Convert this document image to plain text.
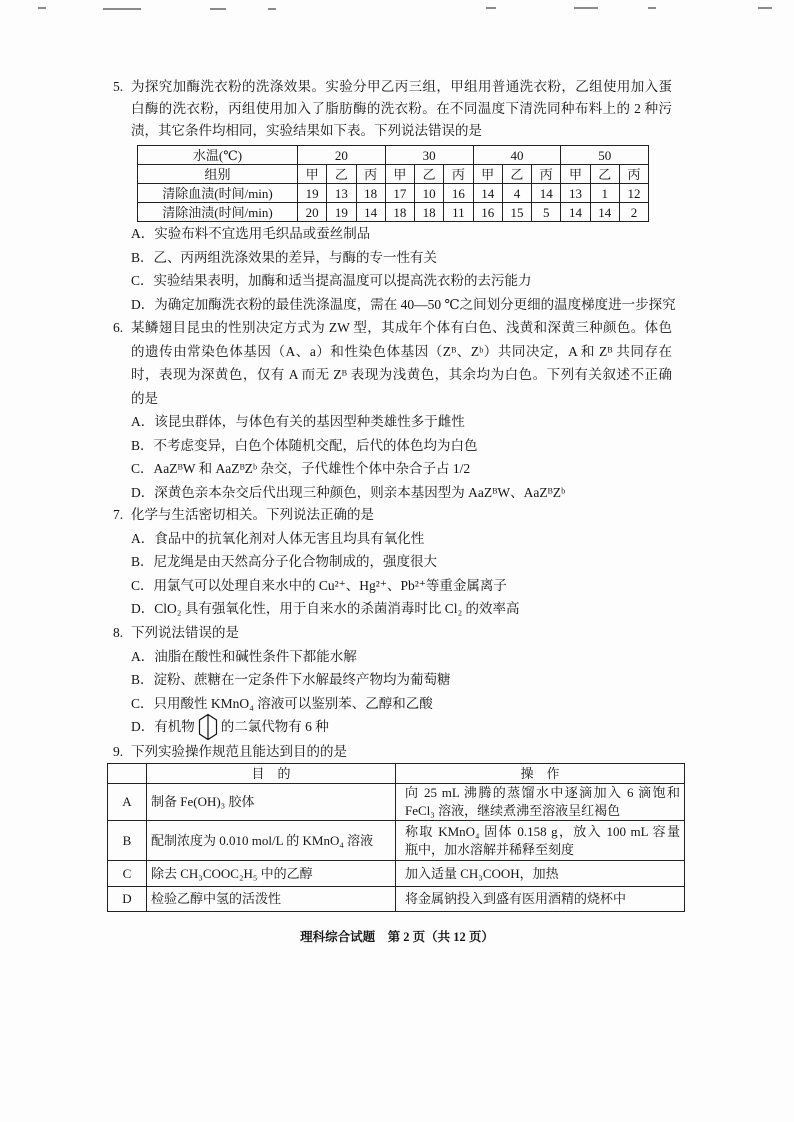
5. 为探究加酶洗衣粉的洗涤效果。实验分甲乙丙三组，甲组用普通洗衣粉，乙组使用加入蛋
白酶的洗衣粉，丙组使用加入了脂肪酶的洗衣粉。在不同温度下清洗同种布料上的 2 种污
渍，其它条件均相同，实验结果如下表。下列说法错误的是
水温(℃)	20			30			40			50		
组别	甲	乙	丙	甲	乙	丙	甲	乙	丙	甲	乙	丙
清除血渍(时间/min)	19	13	18	17	10	16	14	4	14	13	1	12
清除油渍(时间/min)	20	19	14	18	18	11	16	15	5	14	14	2
A．实验布料不宜选用毛织品或蚕丝制品
B．乙、丙两组洗涤效果的差异，与酶的专一性有关
C．实验结果表明，加酶和适当提高温度可以提高洗衣粉的去污能力
D．为确定加酶洗衣粉的最佳洗涤温度，需在 40—50 ℃之间划分更细的温度梯度进一步探究
6. 某鳞翅目昆虫的性别决定方式为 ZW 型，其成年个体有白色、浅黄和深黄三种颜色。体色
的遗传由常染色体基因（A、a）和性染色体基因（Zᴮ、Zᵇ）共同决定，A 和 Zᴮ 共同存在
时，表现为深黄色，仅有 A 而无 Zᴮ 表现为浅黄色，其余均为白色。下列有关叙述不正确
的是
A．该昆虫群体，与体色有关的基因型种类雄性多于雌性
B．不考虑变异，白色个体随机交配，后代的体色均为白色
C．AaZᴮW 和 AaZᴮZᵇ 杂交，子代雄性个体中杂合子占 1/2
D．深黄色亲本杂交后代出现三种颜色，则亲本基因型为 AaZᴮW、AaZᴮZᵇ
7. 化学与生活密切相关。下列说法正确的是
A．食品中的抗氧化剂对人体无害且均具有氧化性
B．尼龙绳是由天然高分子化合物制成的，强度很大
C．用氯气可以处理自来水中的 Cu²⁺、Hg²⁺、Pb²⁺等重金属离子
D．ClO₂ 具有强氧化性，用于自来水的杀菌消毒时比 Cl₂ 的效率高
8. 下列说法错误的是
A．油脂在酸性和碱性条件下都能水解
B．淀粉、蔗糖在一定条件下水解最终产物均为葡萄糖
C．只用酸性 KMnO₄ 溶液可以鉴别苯、乙醇和乙酸
D．有机物 的二氯代物有 6 种
9. 下列实验操作规范且能达到目的的是
	目　的	操　作
A	制备 Fe(OH)₃ 胶体	向 25 mL 沸腾的蒸馏水中逐滴加入 6 滴饱和
FeCl₃ 溶液，继续煮沸至溶液呈红褐色

B	配制浓度为 0.010 mol/L 的 KMnO₄ 溶液	称取 KMnO₄ 固体 0.158 g，放入 100 mL 容量
瓶中，加水溶解并稀释至刻度

C	除去 CH₃COOC₂H₅ 中的乙醇	加入适量 CH₃COOH，加热

D	检验乙醇中氢的活泼性	将金属钠投入到盛有医用酒精的烧杯中
理科综合试题　第 2 页（共 12 页）
